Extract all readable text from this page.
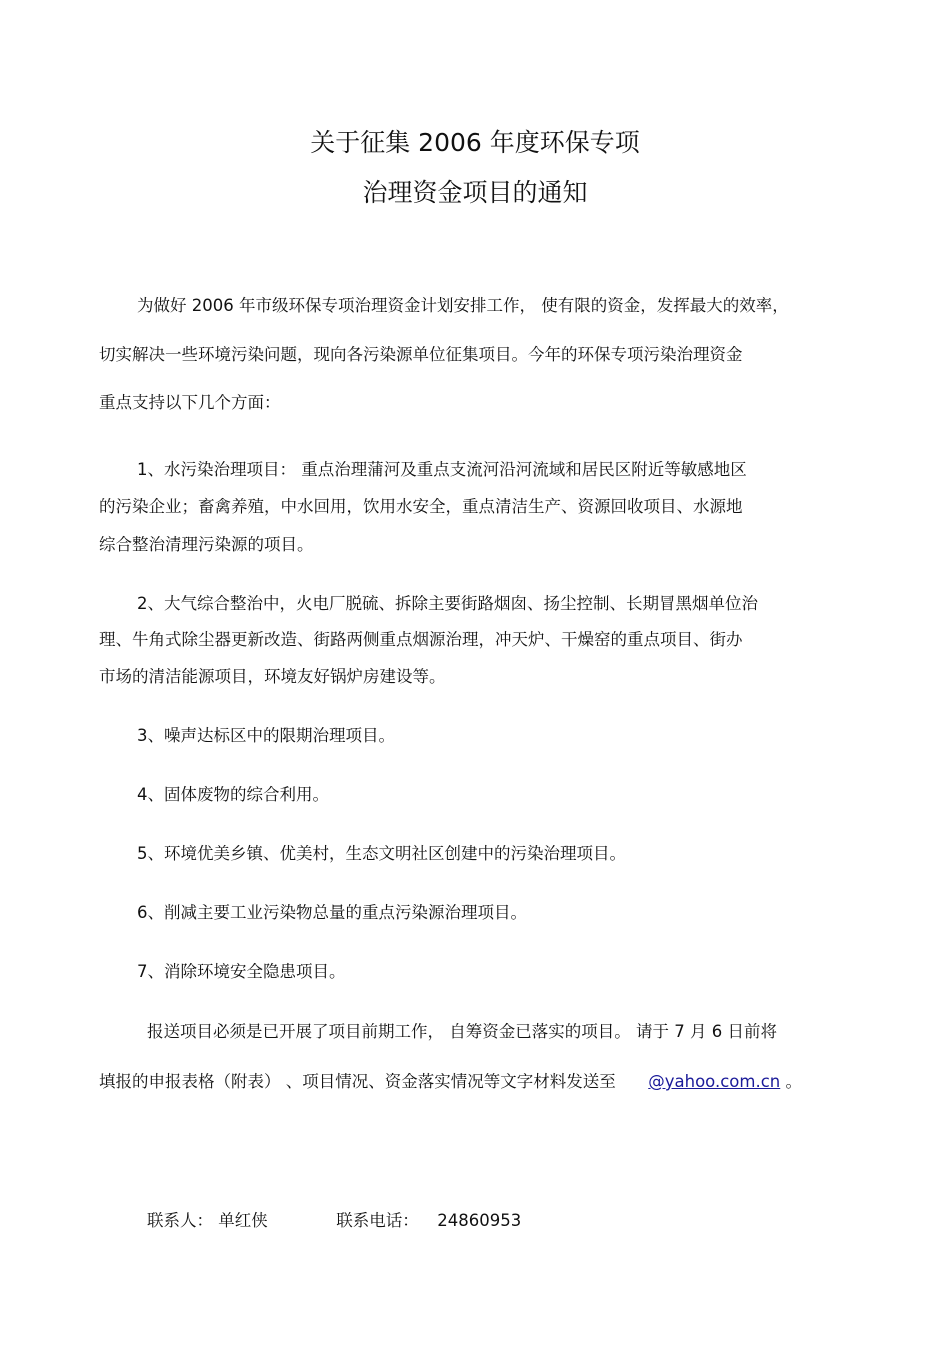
关于征集 2006 年度环保专项
治理资金项目的通知
为做好 2006 年市级环保专项治理资金计划安排工作， 使有限的资金，发挥最大的效率，
切实解决一些环境污染问题，现向各污染源单位征集项目。今年的环保专项污染治理资金
重点支持以下几个方面：
1、水污染治理项目： 重点治理蒲河及重点支流河沿河流域和居民区附近等敏感地区
的污染企业；畜禽养殖，中水回用，饮用水安全，重点清洁生产、资源回收项目、水源地
综合整治清理污染源的项目。
2、大气综合整治中，火电厂脱硫、拆除主要街路烟囱、扬尘控制、长期冒黑烟单位治
理、牛角式除尘器更新改造、街路两侧重点烟源治理，冲天炉、干燥窑的重点项目、街办
市场的清洁能源项目，环境友好锅炉房建设等。
3、噪声达标区中的限期治理项目。
4、固体废物的综合利用。
5、环境优美乡镇、优美村，生态文明社区创建中的污染治理项目。
6、削减主要工业污染物总量的重点污染源治理项目。
7、消除环境安全隐患项目。
报送项目必须是已开展了项目前期工作， 自筹资金已落实的项目。 请于 7 月 6 日前将
填报的申报表格（附表） 、项目情况、资金落实情况等文字材料发送至 @yahoo.com.cn 。
联系人： 单红侠	联系电话： 24860953
